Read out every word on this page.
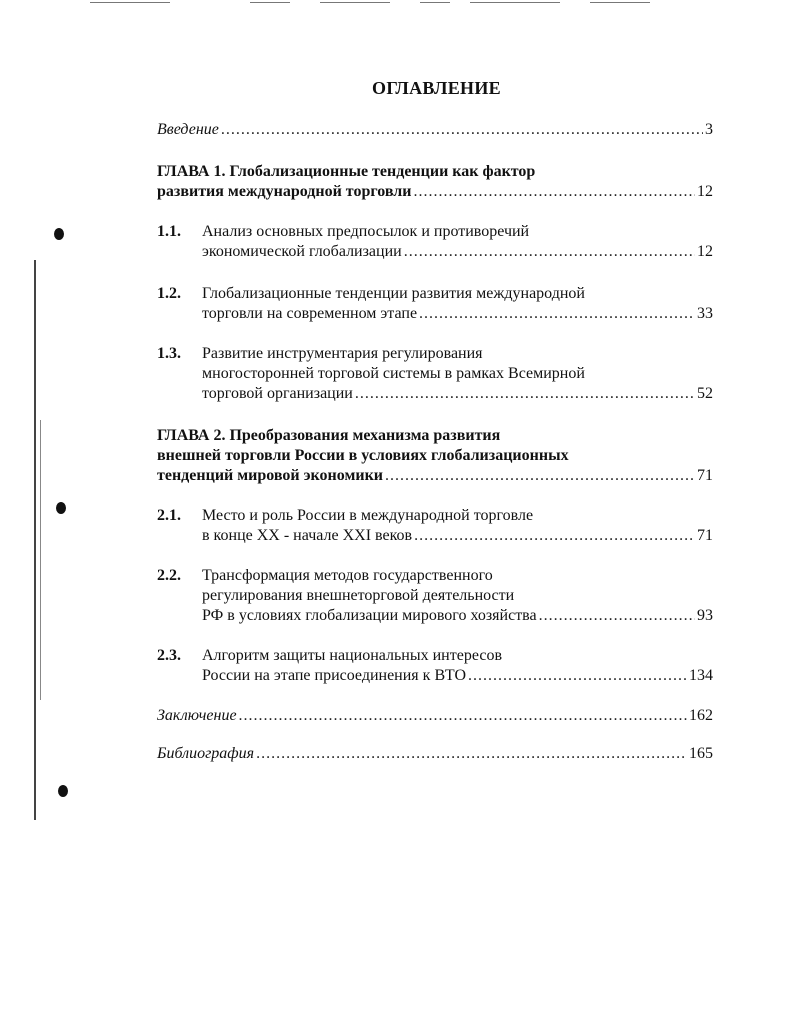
ОГЛАВЛЕНИЕ
Введение .....	3
ГЛАВА 1. Глобализационные тенденции как фактор
развития международной торговли .....	12
1.1. Анализ основных предпосылок и противоречий
экономической глобализации .....	12
1.2. Глобализационные тенденции развития международной
торговли на современном этапе .....	33
1.3. Развитие инструментария регулирования
многосторонней торговой системы в рамках Всемирной
торговой организации .....	52
ГЛАВА 2. Преобразования механизма развития
внешней торговли России в условиях глобализационных
тенденций мировой экономики .....	71
2.1. Место и роль России в международной торговле
в конце XX - начале XXI веков .....	71
2.2. Трансформация методов государственного
регулирования внешнеторговой деятельности
РФ в условиях глобализации мирового хозяйства .....	93
2.3. Алгоритм защиты национальных интересов
России на этапе присоединения к ВТО .....	134
Заключение .....	162
Библиография .....	165
